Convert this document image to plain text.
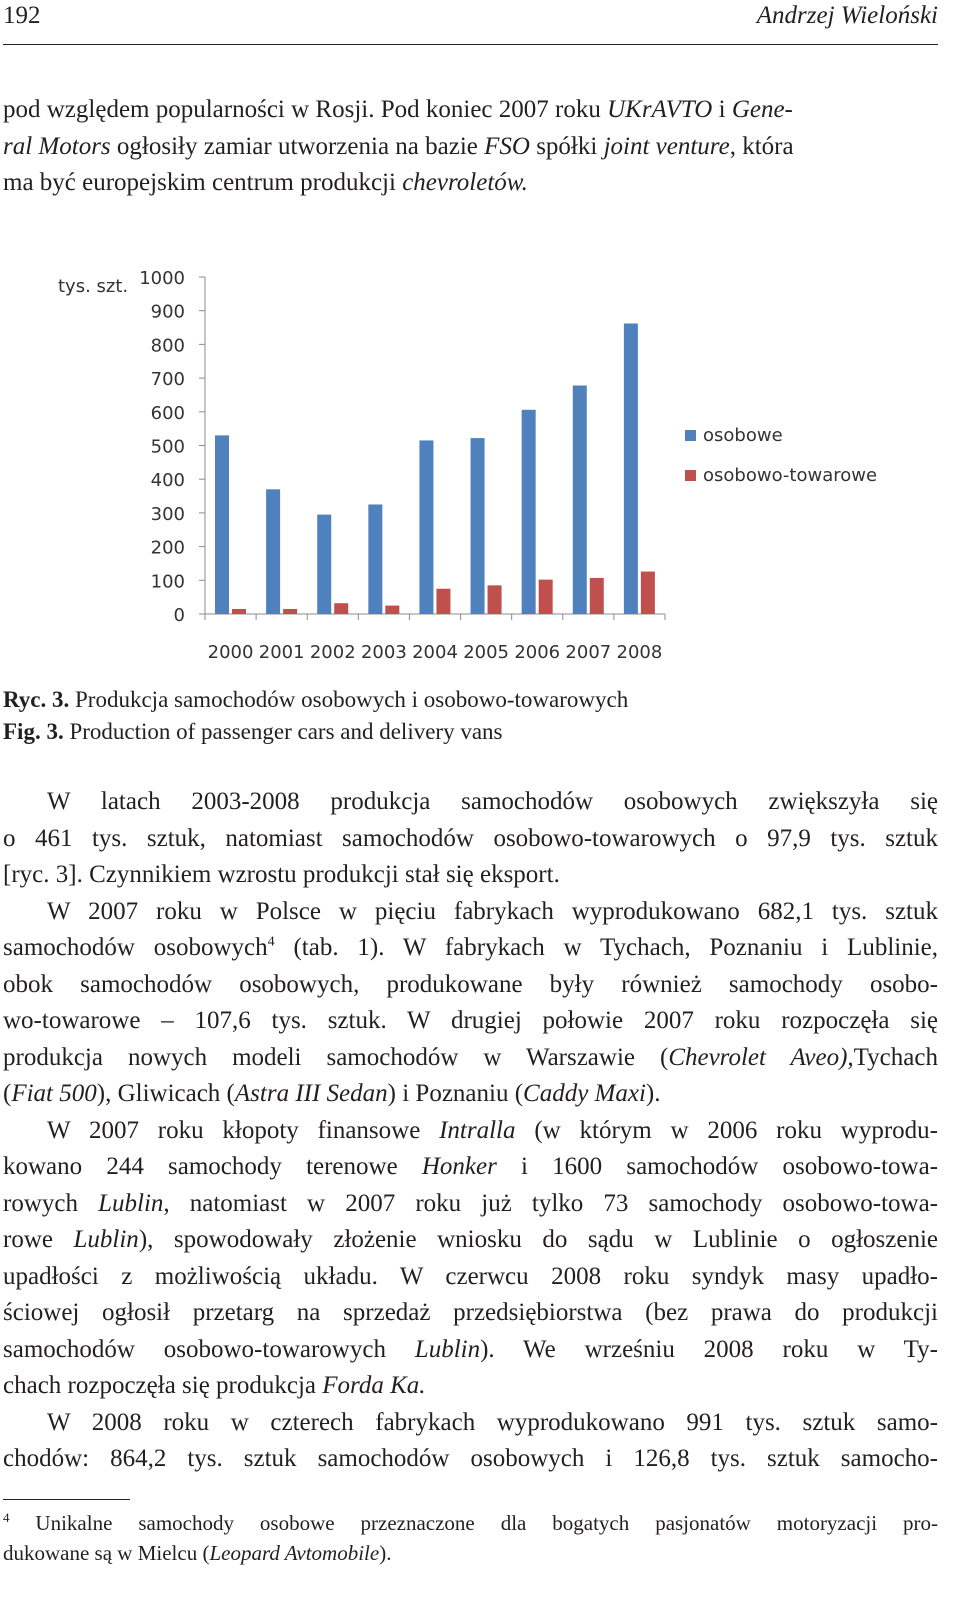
192	Andrzej Wieloński
pod względem popularności w Rosji. Pod koniec 2007 roku UKrAVTO i Gene-
ral Motors ogłosiły zamiar utworzenia na bazie FSO spółki joint venture, która
ma być europejskim centrum produkcji chevroletów.
tys. szt.
0
100
200
300
400
500
600
700
800
900
1000
2000 2001 2002 2003 2004 2005 2006 2007 2008
osobowe
osobowo-towarowe
Ryc. 3. Produkcja samochodów osobowych i osobowo-towarowych
Fig. 3. Production of passenger cars and delivery vans
W latach 2003-2008 produkcja samochodów osobowych zwiększyła się
o 461 tys. sztuk, natomiast samochodów osobowo-towarowych o 97,9 tys. sztuk
[ryc. 3]. Czynnikiem wzrostu produkcji stał się eksport.
W 2007 roku w Polsce w pięciu fabrykach wyprodukowano 682,1 tys. sztuk
samochodów osobowych$^4$ (tab. 1). W fabrykach w Tychach, Poznaniu i Lublinie,
obok samochodów osobowych, produkowane były również samochody osobo-
wo-towarowe – 107,6 tys. sztuk. W drugiej połowie 2007 roku rozpoczęła się
produkcja nowych modeli samochodów w Warszawie (Chevrolet Aveo),Tychach
(Fiat 500), Gliwicach (Astra III Sedan) i Poznaniu (Caddy Maxi).
W 2007 roku kłopoty finansowe Intralla (w którym w 2006 roku wyprodu-
kowano 244 samochody terenowe Honker i 1600 samochodów osobowo-towa-
rowych Lublin, natomiast w 2007 roku już tylko 73 samochody osobowo-towa-
rowe Lublin), spowodowały złożenie wniosku do sądu w Lublinie o ogłoszenie
upadłości z możliwością układu. W czerwcu 2008 roku syndyk masy upadło-
ściowej ogłosił przetarg na sprzedaż przedsiębiorstwa (bez prawa do produkcji
samochodów osobowo-towarowych Lublin). We wrześniu 2008 roku w Ty-
chach rozpoczęła się produkcja Forda Ka.
W 2008 roku w czterech fabrykach wyprodukowano 991 tys. sztuk samo-
chodów: 864,2 tys. sztuk samochodów osobowych i 126,8 tys. sztuk samocho-
$^4$ Unikalne samochody osobowe przeznaczone dla bogatych pasjonatów motoryzacji pro-
dukowane są w Mielcu (Leopard Avtomobile).
